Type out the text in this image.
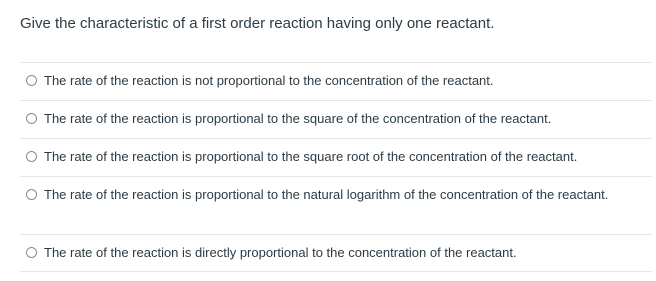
Give the characteristic of a first order reaction having only one reactant.
The rate of the reaction is not proportional to the concentration of the reactant.
The rate of the reaction is proportional to the square of the concentration of the reactant.
The rate of the reaction is proportional to the square root of the concentration of the reactant.
The rate of the reaction is proportional to the natural logarithm of the concentration of the reactant.
The rate of the reaction is directly proportional to the concentration of the reactant.
